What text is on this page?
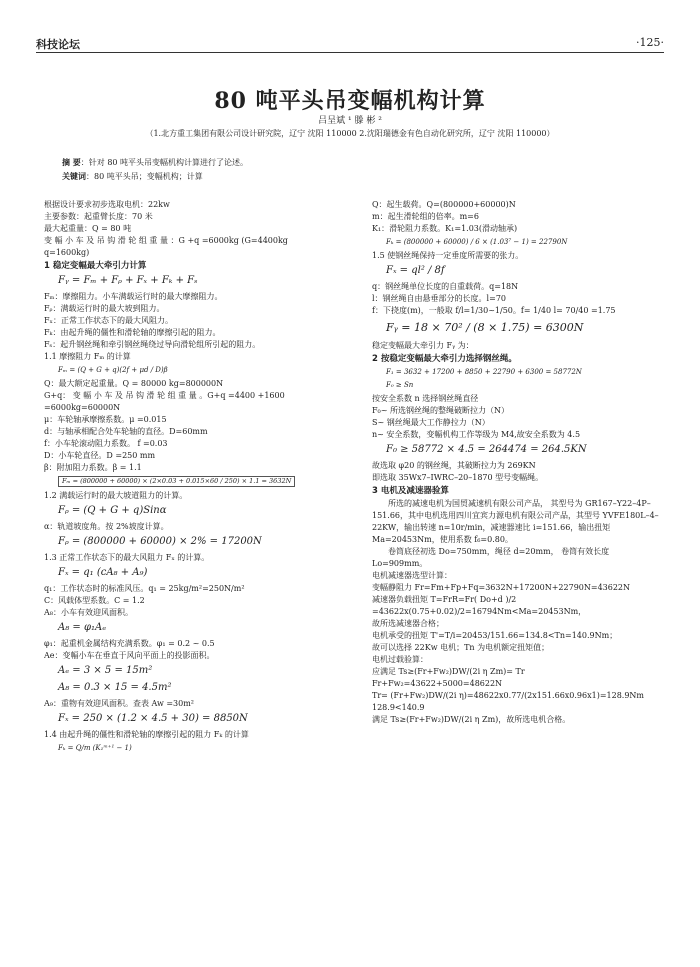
科技论坛	·125·
80 吨平头吊变幅机构计算
吕呈斌 ¹ 滕 彬 ²
（1.北方重工集团有限公司设计研究院，辽宁 沈阳 110000 2.沈阳瑞德金有色自动化研究所，辽宁 沈阳 110000）
摘 要：针对 80 吨平头吊变幅机构计算进行了论述。
关键词：80 吨平头吊；变幅机构；计算

根据设计要求初步选取电机：22kw

主要参数：起重臂长度：70 米

最大起重量：Q = 80 吨

变 幅 小 车 及 吊 钩 滑 轮 组 重 量 ：G +q =6000kg (G=4400kg

q=1600kg)

1 稳定变幅最大牵引力计算

Fᵧ = Fₘ + Fᵨ + Fₓ + Fₖ + Fₛ

Fₘ：摩擦阻力。小车满载运行时的最大摩擦阻力。

Fᵨ：满载运行时的最大坡到阻力。

Fₓ：正常工作状态下的最大风阻力。

Fₖ：由起升绳的僵性和滑轮轴的摩擦引起的阻力。

Fₛ：起升钢丝绳和牵引钢丝绳绕过导向滑轮组所引起的阻力。

1.1 摩擦阻力 Fₘ 的计算

Fₘ = (Q + G + q)(2f + μd / D)β

Q：最大额定起重量。Q = 80000 kg=800000N

G+q： 变 幅 小 车 及 吊 钩 滑 轮 组 重 量 。G+q =4400 +1600

=6000kg=60000N

μ：车轮轴承摩擦系数。μ =0.015

d：与轴承相配合处车轮轴的直径。D=60mm

f：小车轮滚动阻力系数。 f =0.03

D：小车轮直径。D =250 mm

β：附加阻力系数。β = 1.1

Fₘ = (800000 + 60000) × (2×0.03 + 0.015×60 / 250) × 1.1 = 3632N

1.2 满载运行时的最大坡道阻力的计算。

Fᵨ = (Q + G + q)Sinα

α：轨道坡度角。按 2%坡度计算。

Fᵨ = (800000 + 60000) × 2% = 17200N

1.3 正常工作状态下的最大风阻力 Fₓ 的计算。

Fₓ = q₁ (cA₈ + A₉)

q₁：工作状态时的标准风压。q₁ = 25kg/m²=250N/m²

C：风载体型系数。C = 1.2

A₈：小车有效迎风面积。

A₈ = φ₁Aₑ

φ₁：起重机金属结构充满系数。φ₁ = 0.2 ~ 0.5

Ae：变幅小车在垂直于风向平面上的投影面积。

Aₑ = 3 × 5 = 15m²
A₈ = 0.3 × 15 = 4.5m²

A₉：重物有效迎风面积。查表 Aw =30m²

Fₓ = 250 × (1.2 × 4.5 + 30) = 8850N

1.4 由起升绳的僵性和滑轮轴的摩擦引起的阻力 Fₖ 的计算

Fₖ = Q/m (K₁ᵐ⁺¹ − 1)

Q：起生载荷。Q=(800000+60000)N

m：起生滑轮组的倍率。m=6

K₁：滑轮阻力系数。K₁=1.03(滑动轴承)

Fₖ = (800000 + 60000) / 6 × (1.03⁷ − 1) = 22790N

1.5 使钢丝绳保持一定垂度所需要的张力。

Fₓ = ql² / 8f

q：钢丝绳单位长度的自重载荷。q=18N

l：钢丝绳自由悬垂部分的长度。l=70

f：下挠度(m)，一般取 f/l=1/30~1/50。f= 1/40 l= 70/40 =1.75

Fᵧ = 18 × 70² / (8 × 1.75) = 6300N

稳定变幅最大牵引力 Fᵧ 为：

2 按稳定变幅最大牵引力选择钢丝绳。

F₁ = 3632 + 17200 + 8850 + 22790 + 6300 = 58772N
F₀ ≥ Sn

按安全系数 n 选择钢丝绳直径

F₀~ 所选钢丝绳的整绳破断拉力（N）

S~ 钢丝绳最大工作静拉力（N）

n~ 安全系数，变幅机构工作等级为 M4,故安全系数为 4.5

F₀ ≥ 58772 × 4.5 = 264474 = 264.5KN

故选取 φ20 的钢丝绳，其破断拉力为 269KN

即选取 35Wx7–IWRC–20–1870 型号变幅绳。

3 电机及减速器验算

所选的减速电机为国贸减速机有限公司产品， 其型号为 GR167–Y22–4P–151.66，其中电机选用四川宜宾力源电机有限公司产品，其型号 YVFE180L–4–22KW，输出转速 n=10r/min，减速器速比 i=151.66，输出扭矩 Ma=20453Nm，使用系数 f₆=0.80。

卷筒底径初选 Do=750mm，绳径 d=20mm， 卷筒有效长度 Lo=909mm。

电机减速器选型计算：

变幅静阻力 Fr=Fm+Fp+Fq=3632N+17200N+22790N=43622N

减速器负载扭矩 T=FrR=Fr( Do+d )/2

=43622x(0.75+0.02)/2=16794Nm<Ma=20453Nm，

故所选减速器合格；

电机承受的扭矩 T'=T/i=20453/151.66=134.8<Tn=140.9Nm；

故可以选择 22Kw 电机；Tn 为电机额定扭矩值；

电机过载验算：

应满足 Ts≥(Fr+Fw₂)DW/(2i η Zm)= Tr

Fr+Fw₂=43622+5000=48622N

Tr= (Fr+Fw₂)DW/(2i η)=48622x0.77/(2x151.66x0.96x1)=128.9Nm

128.9<140.9

满足 Ts≥(Fr+Fw₂)DW/(2i η Zm)，故所选电机合格。
